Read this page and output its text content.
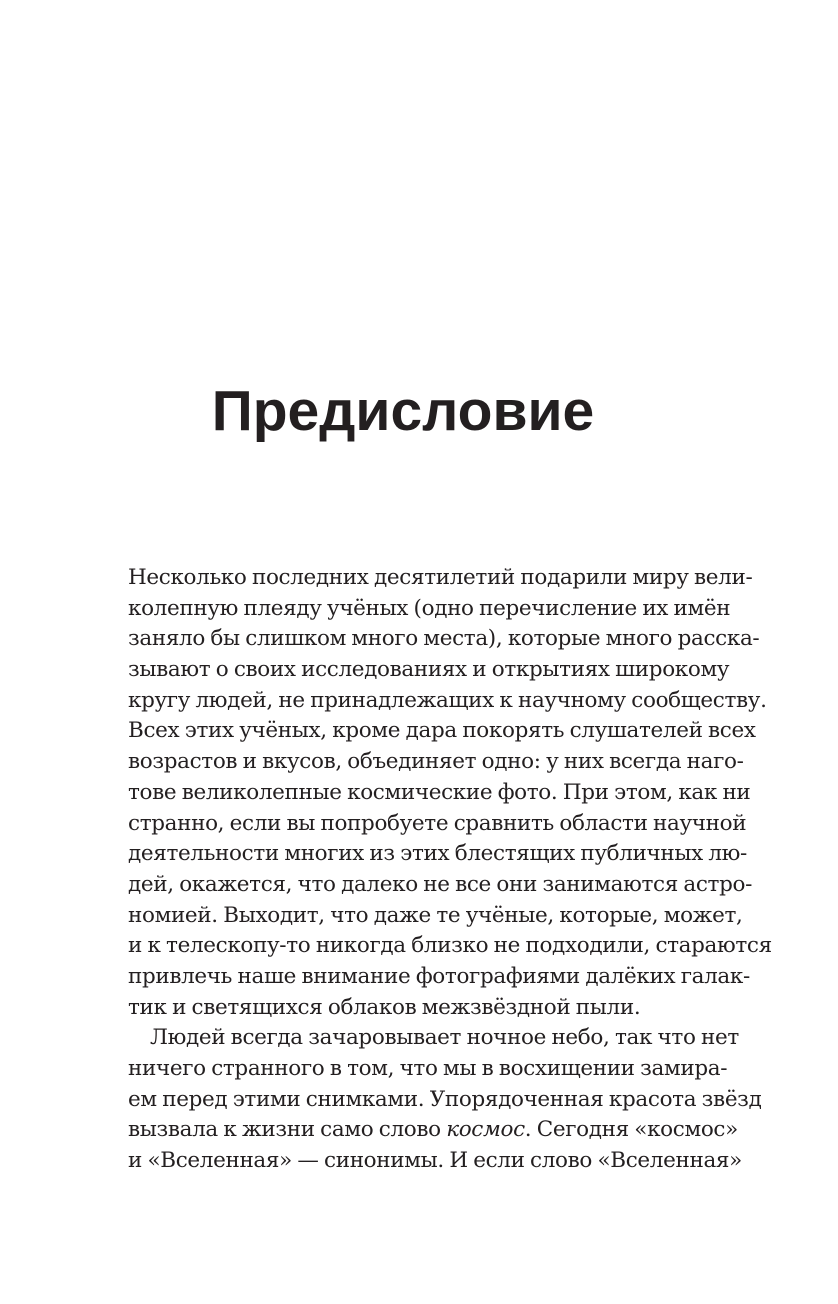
Предисловие
Несколько последних десятилетий подарили миру вели-
колепную плеяду учёных (одно перечисление их имён
заняло бы слишком много места), которые много расска-
зывают о своих исследованиях и открытиях широкому
кругу людей, не принадлежащих к научному сообществу.
Всех этих учёных, кроме дара покорять слушателей всех
возрастов и вкусов, объединяет одно: у них всегда нагo-
тове великолепные космические фото. При этом, как ни
странно, если вы попробуете сравнить области научной
деятельности многих из этих блестящих публичных лю-
дей, окажется, что далеко не все они занимаются астро-
номией. Выходит, что даже те учёные, которые, может,
и к телескопу-то никогда близко не подходили, стараются
привлечь наше внимание фотографиями далёких галак-
тик и светящихся облаков межзвёздной пыли.
Людей всегда зачаровывает ночное небо, так что нет
ничего странного в том, что мы в восхищении замира-
ем перед этими снимками. Упорядоченная красота звёзд
вызвала к жизни само слово космос. Сегодня «космос»
и «Вселенная» — синонимы. И если слово «Вселенная»
